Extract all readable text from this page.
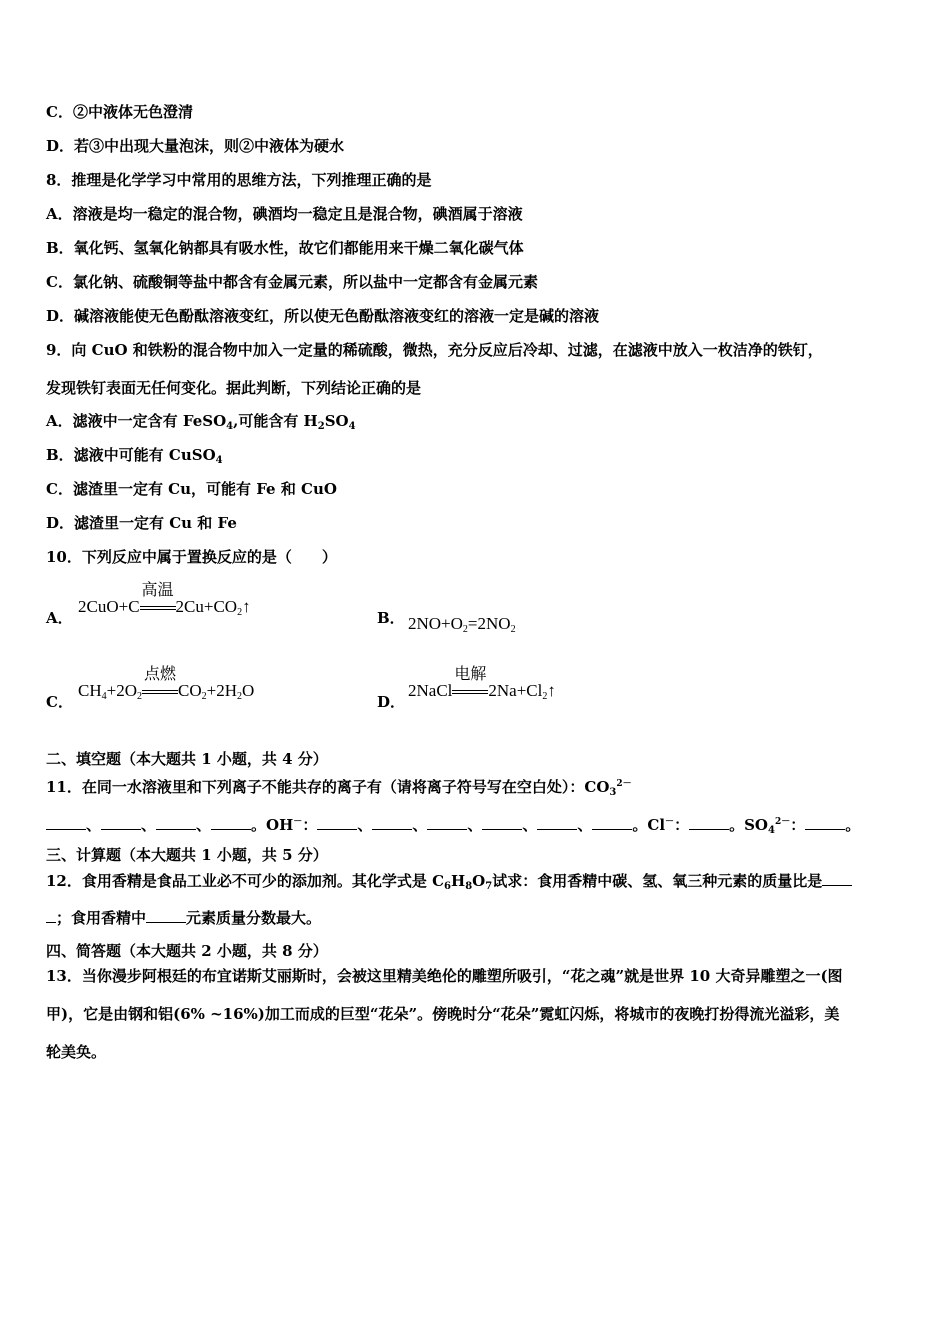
C．②中液体无色澄清
D．若③中出现大量泡沫，则②中液体为硬水
8．推理是化学学习中常用的思维方法，下列推理正确的是
A．溶液是均一稳定的混合物，碘酒均一稳定且是混合物，碘酒属于溶液
B．氧化钙、氢氧化钠都具有吸水性，故它们都能用来干燥二氧化碳气体
C．氯化钠、硫酸铜等盐中都含有金属元素，所以盐中一定都含有金属元素
D．碱溶液能使无色酚酞溶液变红，所以使无色酚酞溶液变红的溶液一定是碱的溶液
9．向 CuO 和铁粉的混合物中加入一定量的稀硫酸，微热，充分反应后冷却、过滤，在滤液中放入一枚洁净的铁钉，
发现铁钉表面无任何变化。据此判断，下列结论正确的是
A．滤液中一定含有 FeSO$_4$,可能含有 $H_2SO_4$
B．滤液中可能有 CuSO$_4$
C．滤渣里一定有 Cu，可能有 Fe 和 CuO
D．滤渣里一定有 Cu 和 Fe
10．下列反应中属于置换反应的是（　　）
A．
2CuO+C
高温
$2Cu+CO_2↑$
B． $2NO+O_2=2NO_2$
C．
$CH_4+2O_2$
点燃
$CO_2+2H_2O$
D．
2NaCl
电解
$2Na+Cl_2↑$
二、填空题（本大题共 1 小题，共 4 分）
11．在同一水溶液里和下列离子不能共存的离子有（请将离子符号写在空白处）：$CO_3^{2-}$
、	、	、	。OH－：	、	、	、	、	、	。Cl－：	。$SO_4^{2-}$：	。
三、计算题（本大题共 1 小题，共 5 分）
12．食用香精是食品工业必不可少的添加剂。其化学式是 $C_6H_8O_7$试求：食用香精中碳、氢、氧三种元素的质量比是
；食用香精中	元素质量分数最大。
四、简答题（本大题共 2 小题，共 8 分）
13．当你漫步阿根廷的布宜诺斯艾丽斯时，会被这里精美绝伦的雕塑所吸引，“花之魂”就是世界 10 大奇异雕塑之一(图
甲)，它是由钢和铝(6% ~16%)加工而成的巨型“花朵”。傍晚时分“花朵”霓虹闪烁，将城市的夜晚打扮得流光溢彩，美
轮美奂。
